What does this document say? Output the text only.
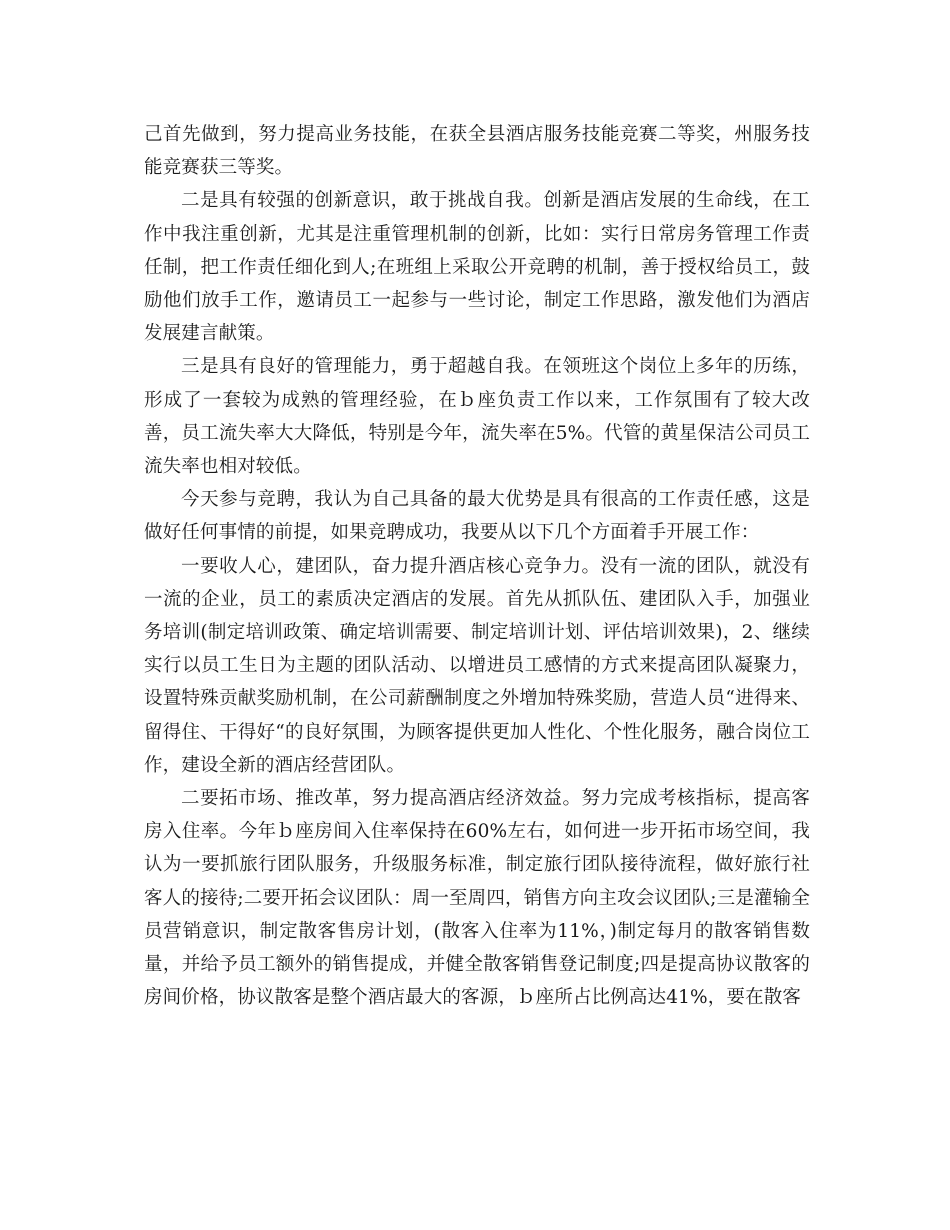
己首先做到，努力提高业务技能，在获全县酒店服务技能竞赛二等奖，州服务技能竞赛获三等奖。

二是具有较强的创新意识，敢于挑战自我。创新是酒店发展的生命线，在工作中我注重创新，尤其是注重管理机制的创新，比如：实行日常房务管理工作责任制，把工作责任细化到人;在班组上采取公开竞聘的机制，善于授权给员工，鼓励他们放手工作，邀请员工一起参与一些讨论，制定工作思路，激发他们为酒店发展建言献策。

三是具有良好的管理能力，勇于超越自我。在领班这个岗位上多年的历练，形成了一套较为成熟的管理经验，在ｂ座负责工作以来，工作氛围有了较大改善，员工流失率大大降低，特别是今年，流失率在5%。代管的黄星保洁公司员工流失率也相对较低。

今天参与竞聘，我认为自己具备的最大优势是具有很高的工作责任感，这是做好任何事情的前提，如果竞聘成功，我要从以下几个方面着手开展工作：

一要收人心，建团队，奋力提升酒店核心竞争力。没有一流的团队，就没有一流的企业，员工的素质决定酒店的发展。首先从抓队伍、建团队入手，加强业务培训(制定培训政策、确定培训需要、制定培训计划、评估培训效果)，2、继续实行以员工生日为主题的团队活动、以增进员工感情的方式来提高团队凝聚力，设置特殊贡献奖励机制，在公司薪酬制度之外增加特殊奖励，营造人员“进得来、留得住、干得好“的良好氛围，为顾客提供更加人性化、个性化服务，融合岗位工作，建设全新的酒店经营团队。

二要拓市场、推改革，努力提高酒店经济效益。努力完成考核指标，提高客房入住率。今年ｂ座房间入住率保持在60%左右，如何进一步开拓市场空间，我认为一要抓旅行团队服务，升级服务标准，制定旅行团队接待流程，做好旅行社客人的接待;二要开拓会议团队：周一至周四，销售方向主攻会议团队;三是灌输全员营销意识，制定散客售房计划，(散客入住率为11%，)制定每月的散客销售数量，并给予员工额外的销售提成，并健全散客销售登记制度;四是提高协议散客的房间价格，协议散客是整个酒店最大的客源，ｂ座所占比例高达41%，要在散客
